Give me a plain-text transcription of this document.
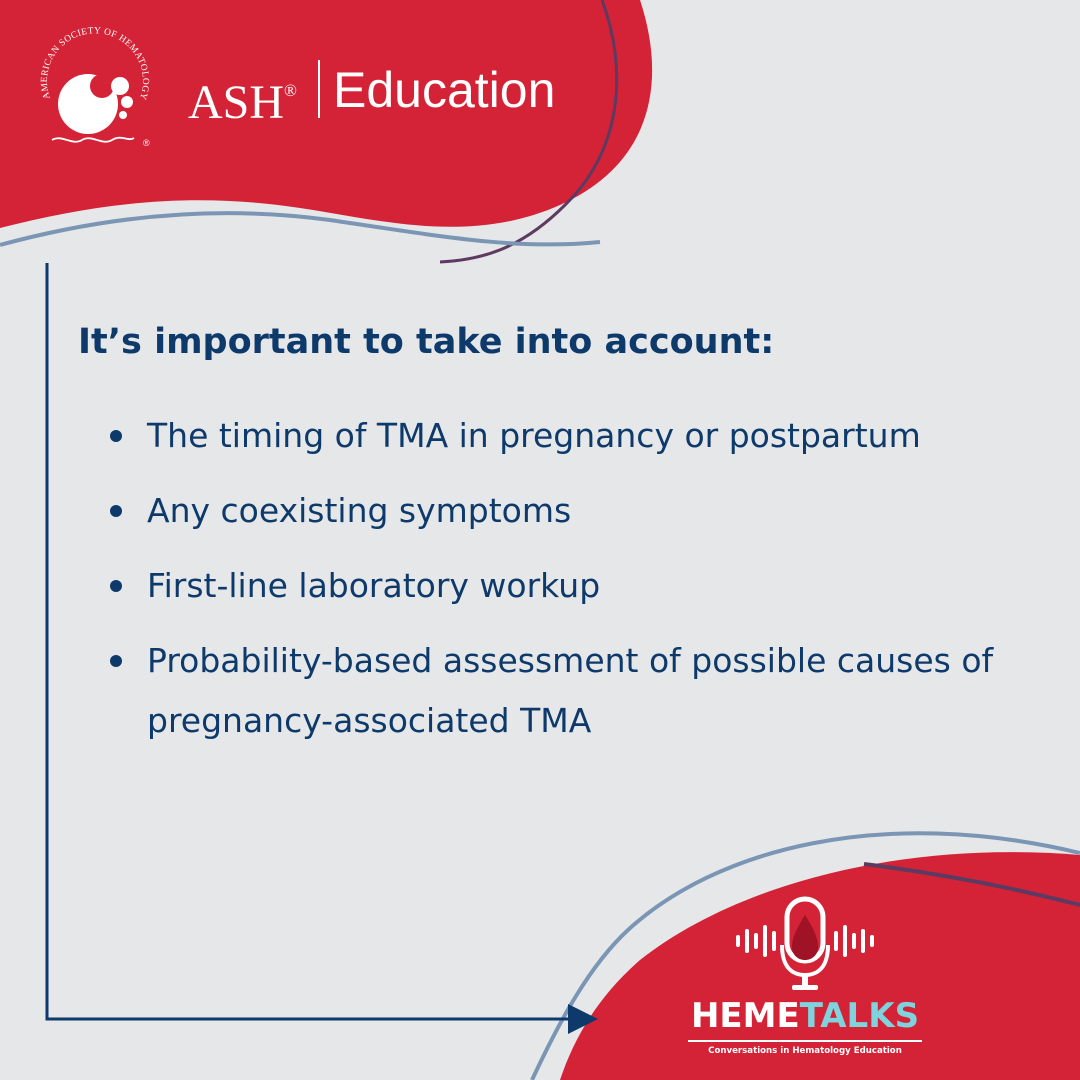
AMERICAN SOCIETY OF HEMATOLOGY
®
ASH® Education
It’s important to take into account:
The timing of TMA in pregnancy or postpartum
Any coexisting symptoms
First-line laboratory workup
Probability-based assessment of possible causes of pregnancy-associated TMA
HEMETALKS
Conversations in Hematology Education
